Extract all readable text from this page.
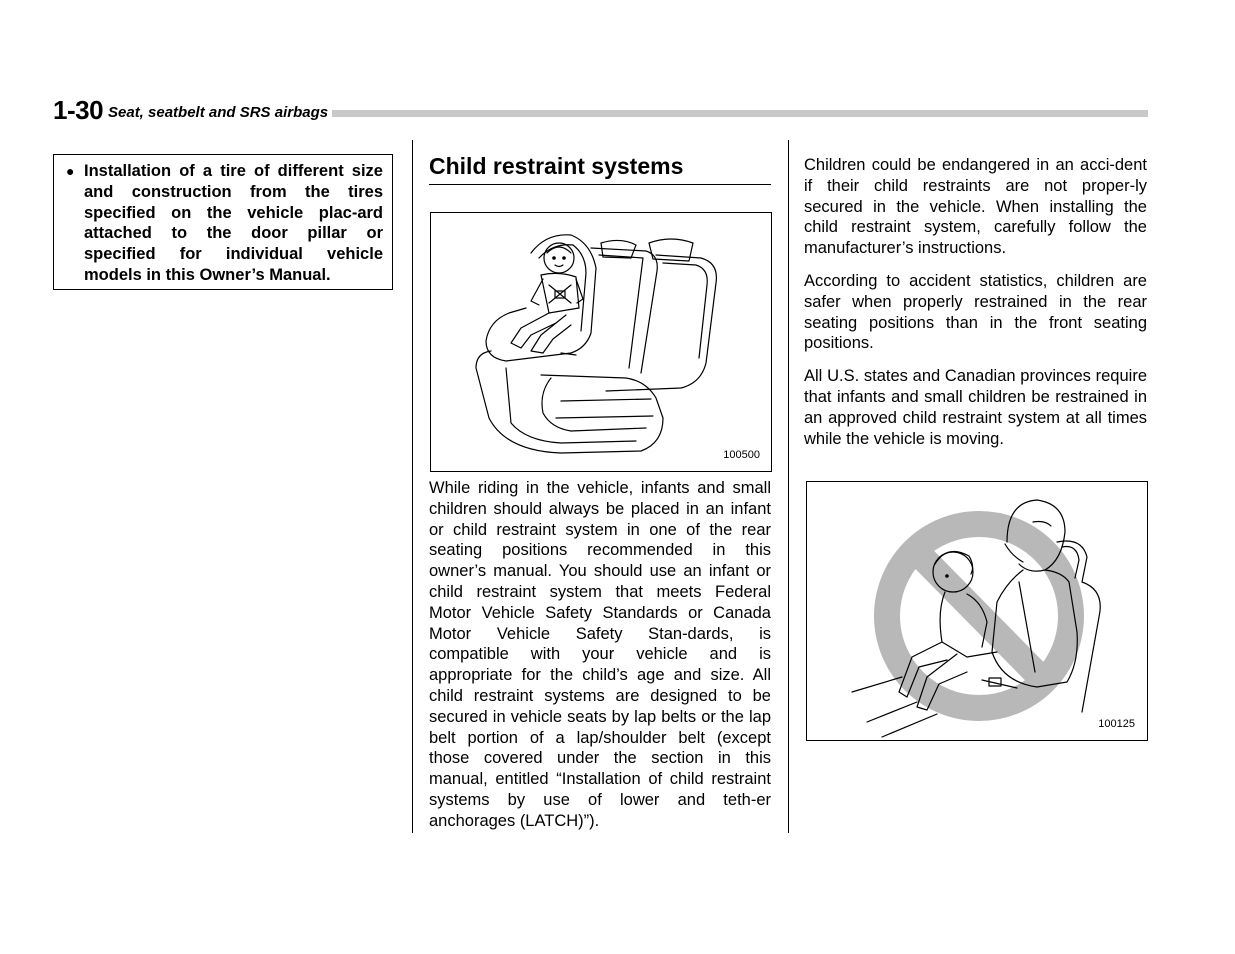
1-30 Seat, seatbelt and SRS airbags
● Installation of a tire of different size and construction from the tires specified on the vehicle plac-ard attached to the door pillar or specified for individual vehicle models in this Owner’s Manual.
Child restraint systems
100500
While riding in the vehicle, infants and small children should always be placed in an infant or child restraint system in one of the rear seating positions recommended in this owner’s manual. You should use an infant or child restraint system that meets Federal Motor Vehicle Safety Standards or Canada Motor Vehicle Safety Stan-dards, is compatible with your vehicle and is appropriate for the child’s age and size. All child restraint systems are designed to be secured in vehicle seats by lap belts or the lap belt portion of a lap/shoulder belt (except those covered under the section in this manual, entitled “Installation of child restraint systems by use of lower and teth-er anchorages (LATCH)”).

Children could be endangered in an acci-dent if their child restraints are not proper-ly secured in the vehicle. When installing the child restraint system, carefully follow the manufacturer’s instructions.

According to accident statistics, children are safer when properly restrained in the rear seating positions than in the front seating positions.

All U.S. states and Canadian provinces require that infants and small children be restrained in an approved child restraint system at all times while the vehicle is moving.

100125
